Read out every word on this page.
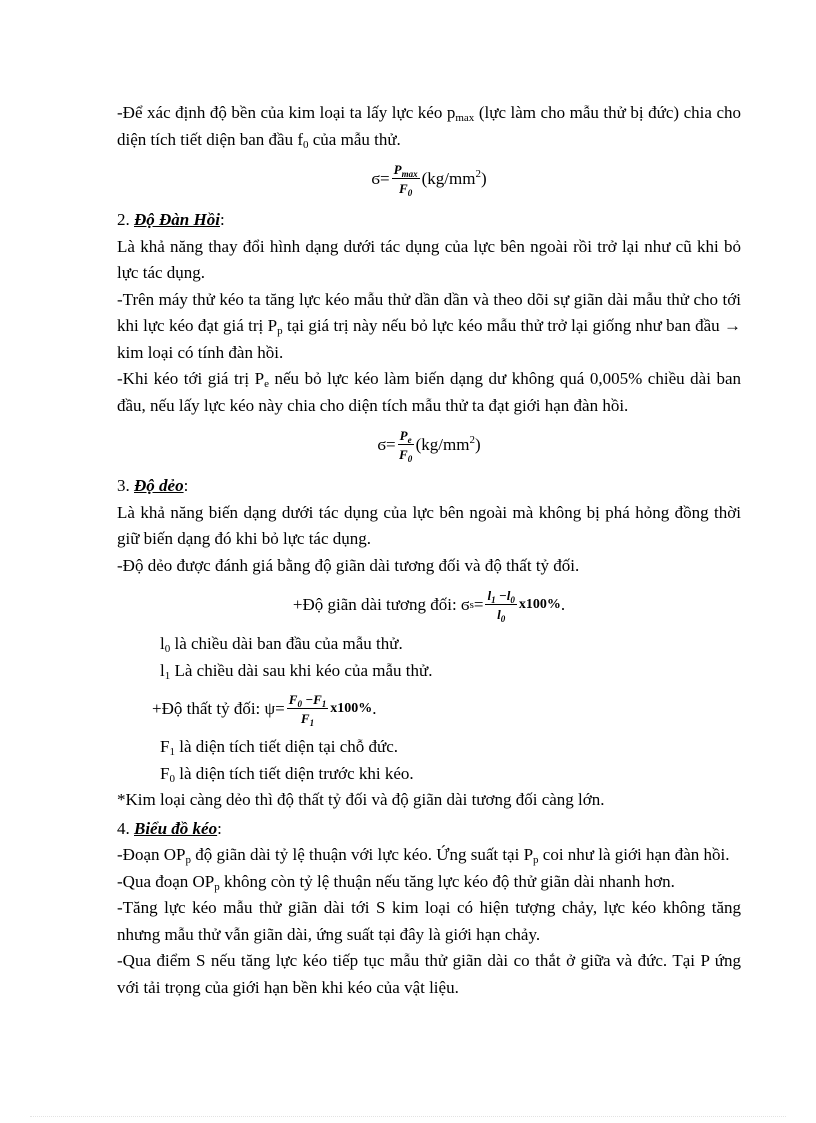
-Để xác định độ bền của kim loại ta lấy lực kéo $p_{max}$ (lực làm cho mẫu thử bị đức) chia cho diện tích tiết diện ban đầu $f_0$ của mẫu thử.

$ϭ= \frac{P_{max}}{F_0} (kg/mm^2)$

2. Độ Đàn Hồi:

Là khả năng thay đổi hình dạng dưới tác dụng của lực bên ngoài rồi trở lại như cũ khi bỏ lực tác dụng.

-Trên máy thử kéo ta tăng lực kéo mẫu thử dần dần và theo dõi sự giãn dài mẫu thử cho tới khi lực kéo đạt giá trị $P_p$ tại giá trị này nếu bỏ lực kéo mẫu thử trở lại giống như ban đầu → kim loại có tính đàn hồi.

-Khi kéo tới giá trị $P_e$ nếu bỏ lực kéo làm biến dạng dư không quá 0,005% chiều dài ban đầu, nếu lấy lực kéo này chia cho diện tích mẫu thử ta đạt giới hạn đàn hồi.

$ϭ= \frac{P_e}{F_0} (kg/mm^2)$

3. Độ dẻo:

Là khả năng biến dạng dưới tác dụng của lực bên ngoài mà không bị phá hỏng đồng thời giữ biến dạng đó khi bỏ lực tác dụng.

-Độ dẻo được đánh giá bằng độ giãn dài tương đối và độ thất tỷ đối.

+Độ giãn dài tương đối: ϭ $s = \frac{l_1 -l_0}{l_0} x100\%$ .

$l_0$ là chiều dài ban đầu của mẫu thử.

$l_1$ Là chiều dài sau khi kéo của mẫu thử.

+Độ thất tỷ đối: $\psi= \frac{F_0 -F_1}{F_1} x100\%$ .

$F_1$ là diện tích tiết diện tại chỗ đức.

$F_0$ là diện tích tiết diện trước khi kéo.

*Kim loại càng dẻo thì độ thất tỷ đối và độ giãn dài tương đối càng lớn.

4. Biểu đồ kéo:

-Đoạn $OP_p$ độ giãn dài tỷ lệ thuận với lực kéo. Ứng suất tại $P_p$ coi như là giới hạn đàn hồi.

-Qua đoạn $OP_p$ không còn tỷ lệ thuận nếu tăng lực kéo độ thử giãn dài nhanh hơn.

-Tăng lực kéo mẫu thử giãn dài tới S kim loại có hiện tượng chảy, lực kéo không tăng nhưng mẫu thử vẫn giãn dài, ứng suất tại đây là giới hạn chảy.

-Qua điểm S nếu tăng lực kéo tiếp tục mẫu thử giãn dài co thắt ở giữa và đức. Tại P ứng với tải trọng của giới hạn bền khi kéo của vật liệu.
